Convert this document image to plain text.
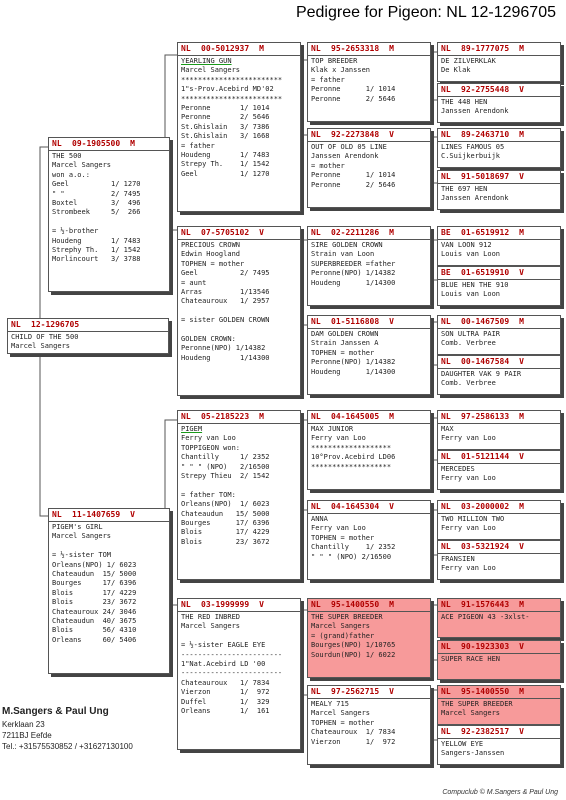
Pedigree for Pigeon: NL 12-1296705
NL	12-1296705
CHILD OF THE 500
Marcel Sangers
NL	09-1905500 M
THE 500
Marcel Sangers
won a.o.:
Geel          1/ 1270
" "           2/ 7495
Boxtel        3/  496
Strombeek     5/  266
= ½-brother
Houdeng       1/ 7483
Strephy Th.   1/ 1542
Morlincourt   3/ 3788
NL	11-1407659 V
PIGEM's GIRL
Marcel Sangers
= ½-sister TOM
Orleans(NPO) 1/ 6023
Chateaudun  15/ 5000
Bourges     17/ 6396
Blois       17/ 4229
Blois       23/ 3672
Chateauroux 24/ 3046
Chateaudun  40/ 3675
Blois       56/ 4310
Orleans     60/ 5406
NL	00-5012937 M
YEARLING GUN
Marcel Sangers
************************
1"s-Prov.Acebird MD'02
************************
Peronne       1/ 1014
Peronne       2/ 5646
St.Ghislain   3/ 7386
St.Ghislain   3/ 1668
= father
Houdeng       1/ 7483
Strepy Th.    1/ 1542
Geel          1/ 1270
NL	07-5705102 V
PRECIOUS CROWN
Edwin Hoogland
TOPHEN = mother
Geel          2/ 7495
= aunt
Arras         1/13546
Chateauroux   1/ 2957
= sister GOLDEN CROWN
GOLDEN CROWN:
Peronne(NPO) 1/14382
Houdeng       1/14300
NL	05-2185223 M
PIGEM
Ferry van Loo
TOPPIGEON won:
Chantilly     1/ 2352
" " " (NPO)   2/16500
Strepy Thieu  2/ 1542
= father TOM:
Orleans(NPO)  1/ 6023
Chateaudun   15/ 5000
Bourges      17/ 6396
Blois        17/ 4229
Blois        23/ 3672
NL	03-1999999 V
THE RED INBRED
Marcel Sangers
= ½-sister EAGLE EYE
------------------------
1"Nat.Acebird LD '00
------------------------
Chateauroux   1/ 7834
Vierzon       1/  972
Duffel        1/  329
Orleans       1/  161
NL	95-2653318 M
TOP BREEDER
Klak x Janssen
= father
Peronne      1/ 1014
Peronne      2/ 5646
NL	92-2273848 V
OUT OF OLD 05 LINE
Janssen Arendonk
= mother
Peronne      1/ 1014
Peronne      2/ 5646
NL	02-2211286 M
SIRE GOLDEN CROWN
Strain van Loon
SUPERBREEDER =father
Peronne(NPO) 1/14382
Houdeng      1/14300
NL	01-5116808 V
DAM GOLDEN CROWN
Strain Janssen A
TOPHEN = mother
Peronne(NPO) 1/14382
Houdeng      1/14300
NL	04-1645005 M
MAX JUNIOR
Ferry van Loo
*******************
10°Prov.Acebird LD06
*******************
NL	04-1645304 V
ANNA
Ferry van Loo
TOPHEN = mother
Chantilly    1/ 2352
" " " (NPO) 2/16500
NL	95-1400550 M
THE SUPER BREEDER
Marcel Sangers
= (grand)father
Bourges(NPO) 1/10765
Sourdun(NPO) 1/ 6022
NL	97-2562715 V
MEALY 715
Marcel Sangers
TOPHEN = mother
Chateauroux  1/ 7834
Vierzon      1/  972
NL	89-1777075 M
DE ZILVERKLAK
De Klak
NL	92-2755448 V
THE 448 HEN
Janssen Arendonk
NL	89-2463710 M
LINES FAMOUS 05
C.Suijkerbuijk
NL	91-5018697 V
THE 697 HEN
Janssen Arendonk
BE	01-6519912 M
VAN LOON 912
Louis van Loon
BE	01-6519910 V
BLUE HEN THE 910
Louis van Loon
NL	00-1467509 M
SON ULTRA PAIR
Comb. Verbree
NL	00-1467584 V
DAUGHTER VAK 9 PAIR
Comb. Verbree
NL	97-2586133 M
MAX
Ferry van Loo
NL	01-5121144 V
MERCEDES
Ferry van Loo
NL	03-2000002 M
TWO MILLION TWO
Ferry van Loo
NL	03-5321924 V
FRANSIEN
Ferry van Loo
NL	91-1576443 M
ACE PIGEON 43 -3xlst-
NL	90-1923303 V
SUPER RACE HEN
NL	95-1400550 M
THE SUPER BREEDER
Marcel Sangers
NL	92-2382517 V
YELLOW EYE
Sangers-Janssen
M.Sangers & Paul Ung
Kerklaan 23
7211BJ Eefde
Tel.: +31575530852 / +31627130100
Compuclub © M.Sangers & Paul Ung
